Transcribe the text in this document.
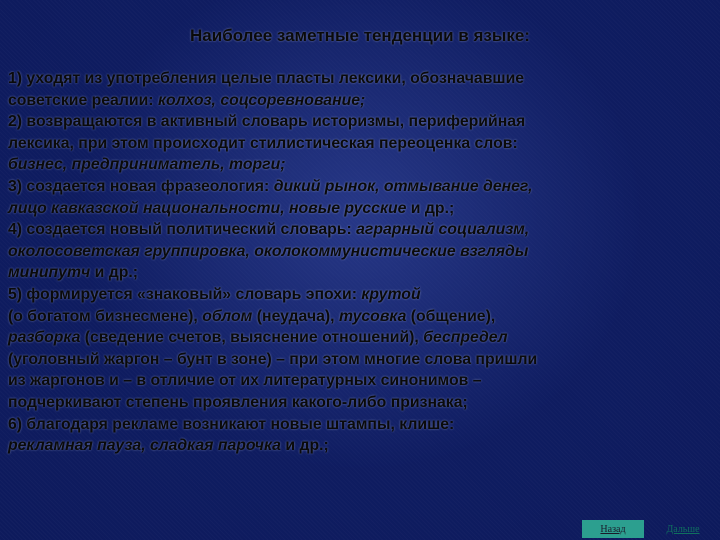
Наиболее заметные тенденции в языке:
1) уходят из употребления целые пласты лексики, обозначавшие
советские реалии: колхоз, соцсоревнование;
2) возвращаются в активный словарь историзмы, периферийная
лексика, при этом происходит стилистическая переоценка слов:
бизнес, предприниматель, торги;
3) создается новая фразеология: дикий рынок, отмывание денег,
лицо кавказской национальности, новые русские и др.;
4) создается новый политический словарь: аграрный социализм,
околосоветская группировка, околокоммунистические взгляды
минипутч и др.;
5) формируется «знаковый» словарь эпохи: крутой
(о богатом бизнесмене), облом (неудача), тусовка (общение),
разборка (сведение счетов, выяснение отношений), беспредел
(уголовный жаргон – бунт в зоне) – при этом многие слова пришли
из жаргонов и – в отличие от их литературных синонимов –
подчеркивают степень проявления какого-либо признака;
6) благодаря рекламе возникают новые штампы, клише:
рекламная пауза, сладкая парочка и др.;
Назад	Дальше
